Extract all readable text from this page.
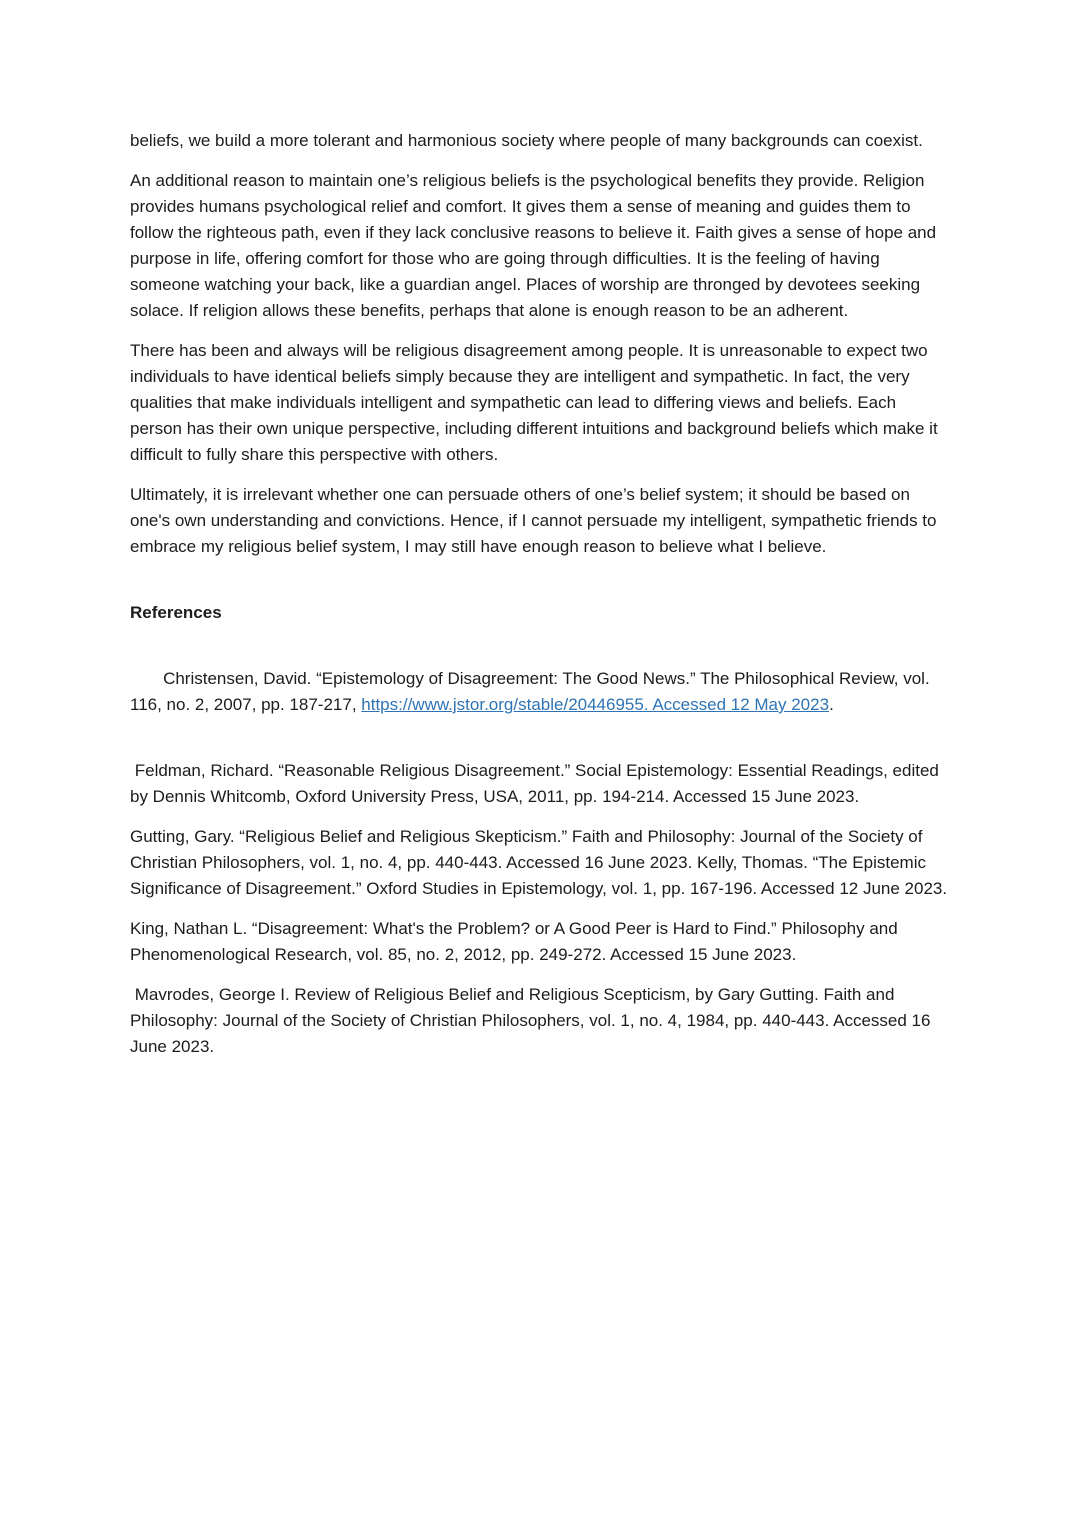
beliefs, we build a more tolerant and harmonious society where people of many backgrounds can coexist.

An additional reason to maintain one’s religious beliefs is the psychological benefits they provide. Religion provides humans psychological relief and comfort. It gives them a sense of meaning and guides them to follow the righteous path, even if they lack conclusive reasons to believe it. Faith gives a sense of hope and purpose in life, offering comfort for those who are going through difficulties. It is the feeling of having someone watching your back, like a guardian angel. Places of worship are thronged by devotees seeking solace. If religion allows these benefits, perhaps that alone is enough reason to be an adherent.

There has been and always will be religious disagreement among people. It is unreasonable to expect two individuals to have identical beliefs simply because they are intelligent and sympathetic. In fact, the very qualities that make individuals intelligent and sympathetic can lead to differing views and beliefs. Each person has their own unique perspective, including different intuitions and background beliefs which make it difficult to fully share this perspective with others.

Ultimately, it is irrelevant whether one can persuade others of one’s belief system; it should be based on one's own understanding and convictions. Hence, if I cannot persuade my intelligent, sympathetic friends to embrace my religious belief system, I may still have enough reason to believe what I believe.

References

Christensen, David. “Epistemology of Disagreement: The Good News.” The Philosophical Review, vol. 116, no. 2, 2007, pp. 187-217, https://www.jstor.org/stable/20446955. Accessed 12 May 2023.

Feldman, Richard. “Reasonable Religious Disagreement.” Social Epistemology: Essential Readings, edited by Dennis Whitcomb, Oxford University Press, USA, 2011, pp. 194-214. Accessed 15 June 2023.

Gutting, Gary. “Religious Belief and Religious Skepticism.” Faith and Philosophy: Journal of the Society of Christian Philosophers, vol. 1, no. 4, pp. 440-443. Accessed 16 June 2023. Kelly, Thomas. “The Epistemic Significance of Disagreement.” Oxford Studies in Epistemology, vol. 1, pp. 167-196. Accessed 12 June 2023.

King, Nathan L. “Disagreement: What's the Problem? or A Good Peer is Hard to Find.” Philosophy and Phenomenological Research, vol. 85, no. 2, 2012, pp. 249-272. Accessed 15 June 2023.

Mavrodes, George I. Review of Religious Belief and Religious Scepticism, by Gary Gutting. Faith and Philosophy: Journal of the Society of Christian Philosophers, vol. 1, no. 4, 1984, pp. 440-443. Accessed 16 June 2023.
